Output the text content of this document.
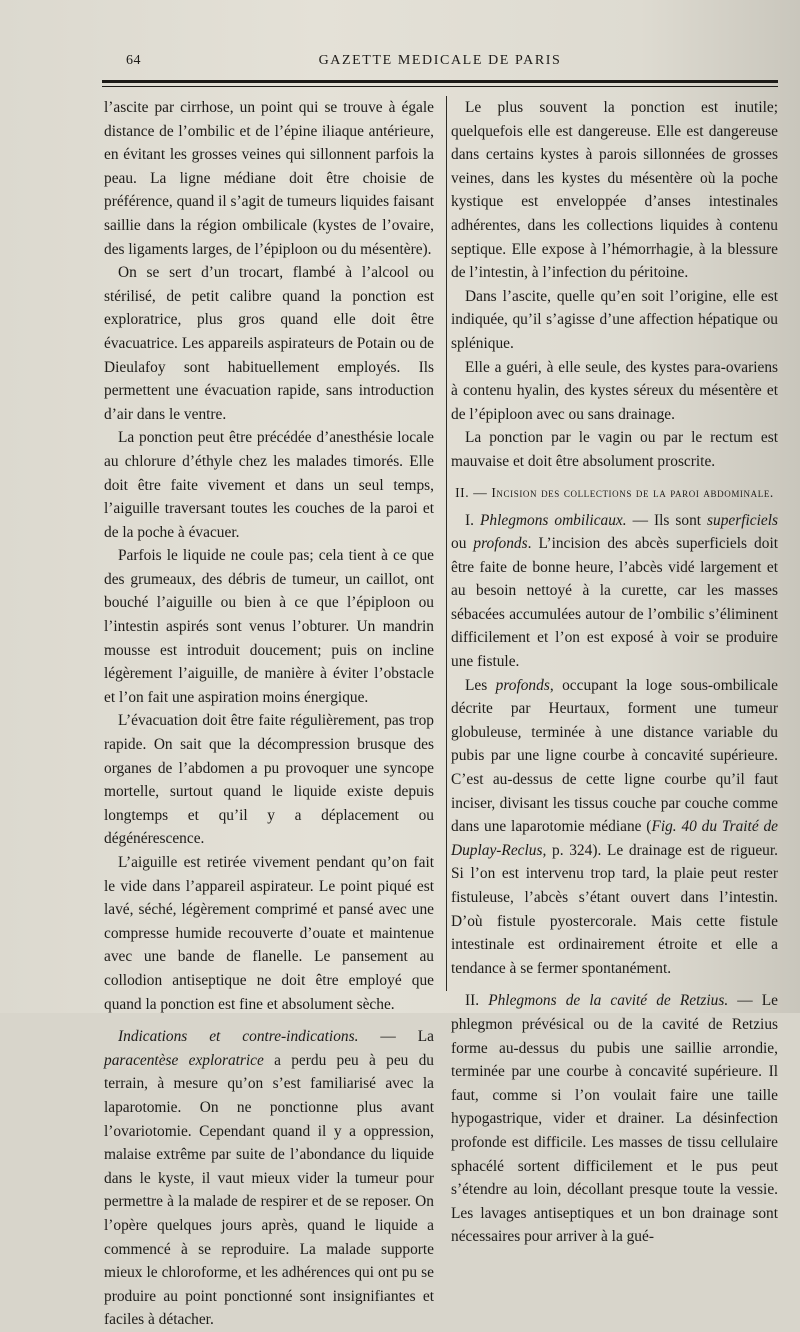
64	GAZETTE MEDICALE DE PARIS

l’ascite par cirrhose, un point qui se trouve à égale distance de l’ombilic et de l’épine iliaque antérieure, en évitant les grosses veines qui sillonnent parfois la peau. La ligne médiane doit être choisie de préférence, quand il s’agit de tumeurs liquides faisant saillie dans la région ombilicale (kystes de l’ovaire, des ligaments larges, de l’épiploon ou du mésentère).

On se sert d’un trocart, flambé à l’alcool ou stérilisé, de petit calibre quand la ponction est exploratrice, plus gros quand elle doit être évacuatrice. Les appareils aspirateurs de Potain ou de Dieulafoy sont habituellement employés. Ils permettent une évacuation rapide, sans introduction d’air dans le ventre.

La ponction peut être précédée d’anesthésie locale au chlorure d’éthyle chez les malades timorés. Elle doit être faite vivement et dans un seul temps, l’aiguille traversant toutes les couches de la paroi et de la poche à évacuer.

Parfois le liquide ne coule pas; cela tient à ce que des grumeaux, des débris de tumeur, un caillot, ont bouché l’aiguille ou bien à ce que l’épiploon ou l’intestin aspirés sont venus l’obturer. Un mandrin mousse est introduit doucement; puis on incline légèrement l’aiguille, de manière à éviter l’obstacle et l’on fait une aspiration moins énergique.

L’évacuation doit être faite régulièrement, pas trop rapide. On sait que la décompression brusque des organes de l’abdomen a pu provoquer une syncope mortelle, surtout quand le liquide existe depuis longtemps et qu’il y a déplacement ou dégénérescence.

L’aiguille est retirée vivement pendant qu’on fait le vide dans l’appareil aspirateur. Le point piqué est lavé, séché, légèrement comprimé et pansé avec une compresse humide recouverte d’ouate et maintenue avec une bande de flanelle. Le pansement au collodion antiseptique ne doit être employé que quand la ponction est fine et absolument sèche.

Indications et contre-indications. — La paracentèse exploratrice a perdu peu à peu du terrain, à mesure qu’on s’est familiarisé avec la laparotomie. On ne ponctionne plus avant l’ovariotomie. Cependant quand il y a oppression, malaise extrême par suite de l’abondance du liquide dans le kyste, il vaut mieux vider la tumeur pour permettre à la malade de respirer et de se reposer. On l’opère quelques jours après, quand le liquide a commencé à se reproduire. La malade supporte mieux le chloroforme, et les adhérences qui ont pu se produire au point ponctionné sont insignifiantes et faciles à détacher.

Le plus souvent la ponction est inutile; quelquefois elle est dangereuse. Elle est dangereuse dans certains kystes à parois sillonnées de grosses veines, dans les kystes du mésentère où la poche kystique est enveloppée d’anses intestinales adhérentes, dans les collections liquides à contenu septique. Elle expose à l’hémorrhagie, à la blessure de l’intestin, à l’infection du péritoine.

Dans l’ascite, quelle qu’en soit l’origine, elle est indiquée, qu’il s’agisse d’une affection hépatique ou splénique.

Elle a guéri, à elle seule, des kystes para-ovariens à contenu hyalin, des kystes séreux du mésentère et de l’épiploon avec ou sans drainage.

La ponction par le vagin ou par le rectum est mauvaise et doit être absolument proscrite.

II. — Incision des collections de la paroi abdominale.

I. Phlegmons ombilicaux. — Ils sont superficiels ou profonds. L’incision des abcès superficiels doit être faite de bonne heure, l’abcès vidé largement et au besoin nettoyé à la curette, car les masses sébacées accumulées autour de l’ombilic s’éliminent difficilement et l’on est exposé à voir se produire une fistule.

Les profonds, occupant la loge sous-ombilicale décrite par Heurtaux, forment une tumeur globuleuse, terminée à une distance variable du pubis par une ligne courbe à concavité supérieure. C’est au-dessus de cette ligne courbe qu’il faut inciser, divisant les tissus couche par couche comme dans une laparotomie médiane (Fig. 40 du Traité de Duplay-Reclus, p. 324). Le drainage est de rigueur. Si l’on est intervenu trop tard, la plaie peut rester fistuleuse, l’abcès s’étant ouvert dans l’intestin. D’où fistule pyostercorale. Mais cette fistule intestinale est ordinairement étroite et elle a tendance à se fermer spontanément.

II. Phlegmons de la cavité de Retzius. — Le phlegmon prévésical ou de la cavité de Retzius forme au-dessus du pubis une saillie arrondie, terminée par une courbe à concavité supérieure. Il faut, comme si l’on voulait faire une taille hypogastrique, vider et drainer. La désinfection profonde est difficile. Les masses de tissu cellulaire sphacélé sortent difficilement et le pus peut s’étendre au loin, décollant presque toute la vessie. Les lavages antiseptiques et un bon drainage sont nécessaires pour arriver à la gué-
